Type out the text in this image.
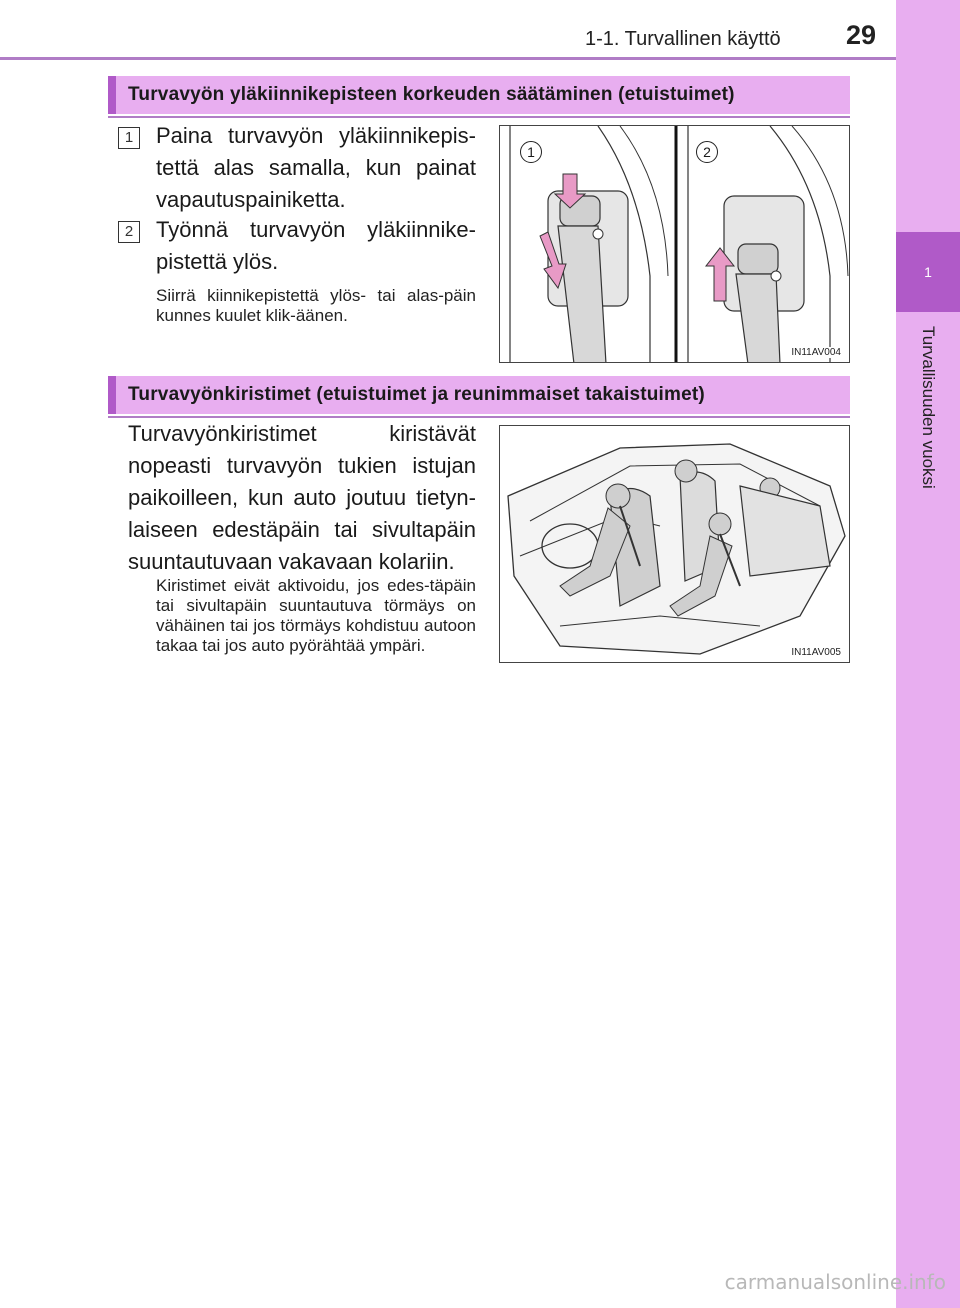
1-1. Turvallinen käyttö 29
1
Turvallisuuden vuoksi
Turvavyön yläkiinnikepisteen korkeuden säätäminen (etuistuimet)
1	Paina turvavyön yläkiinnikepis-tettä alas samalla, kun painat vapautuspainiketta.
2	Työnnä turvavyön yläkiinnike-pistettä ylös.
Siirrä kiinnikepistettä ylös- tai alas-päin kunnes kuulet klik-äänen.
1	2
IN11AV004
Turvavyönkiristimet (etuistuimet ja reunimmaiset takaistuimet)
Turvavyönkiristimet kiristävät nopeasti turvavyön tukien istujan paikoilleen, kun auto joutuu tietyn-laiseen edestäpäin tai sivultapäin suuntautuvaan vakavaan kolariin.
Kiristimet eivät aktivoidu, jos edes-täpäin tai sivultapäin suuntautuva törmäys on vähäinen tai jos törmäys kohdistuu autoon takaa tai jos auto pyörähtää ympäri.	IN11AV005
carmanualsonline.info
